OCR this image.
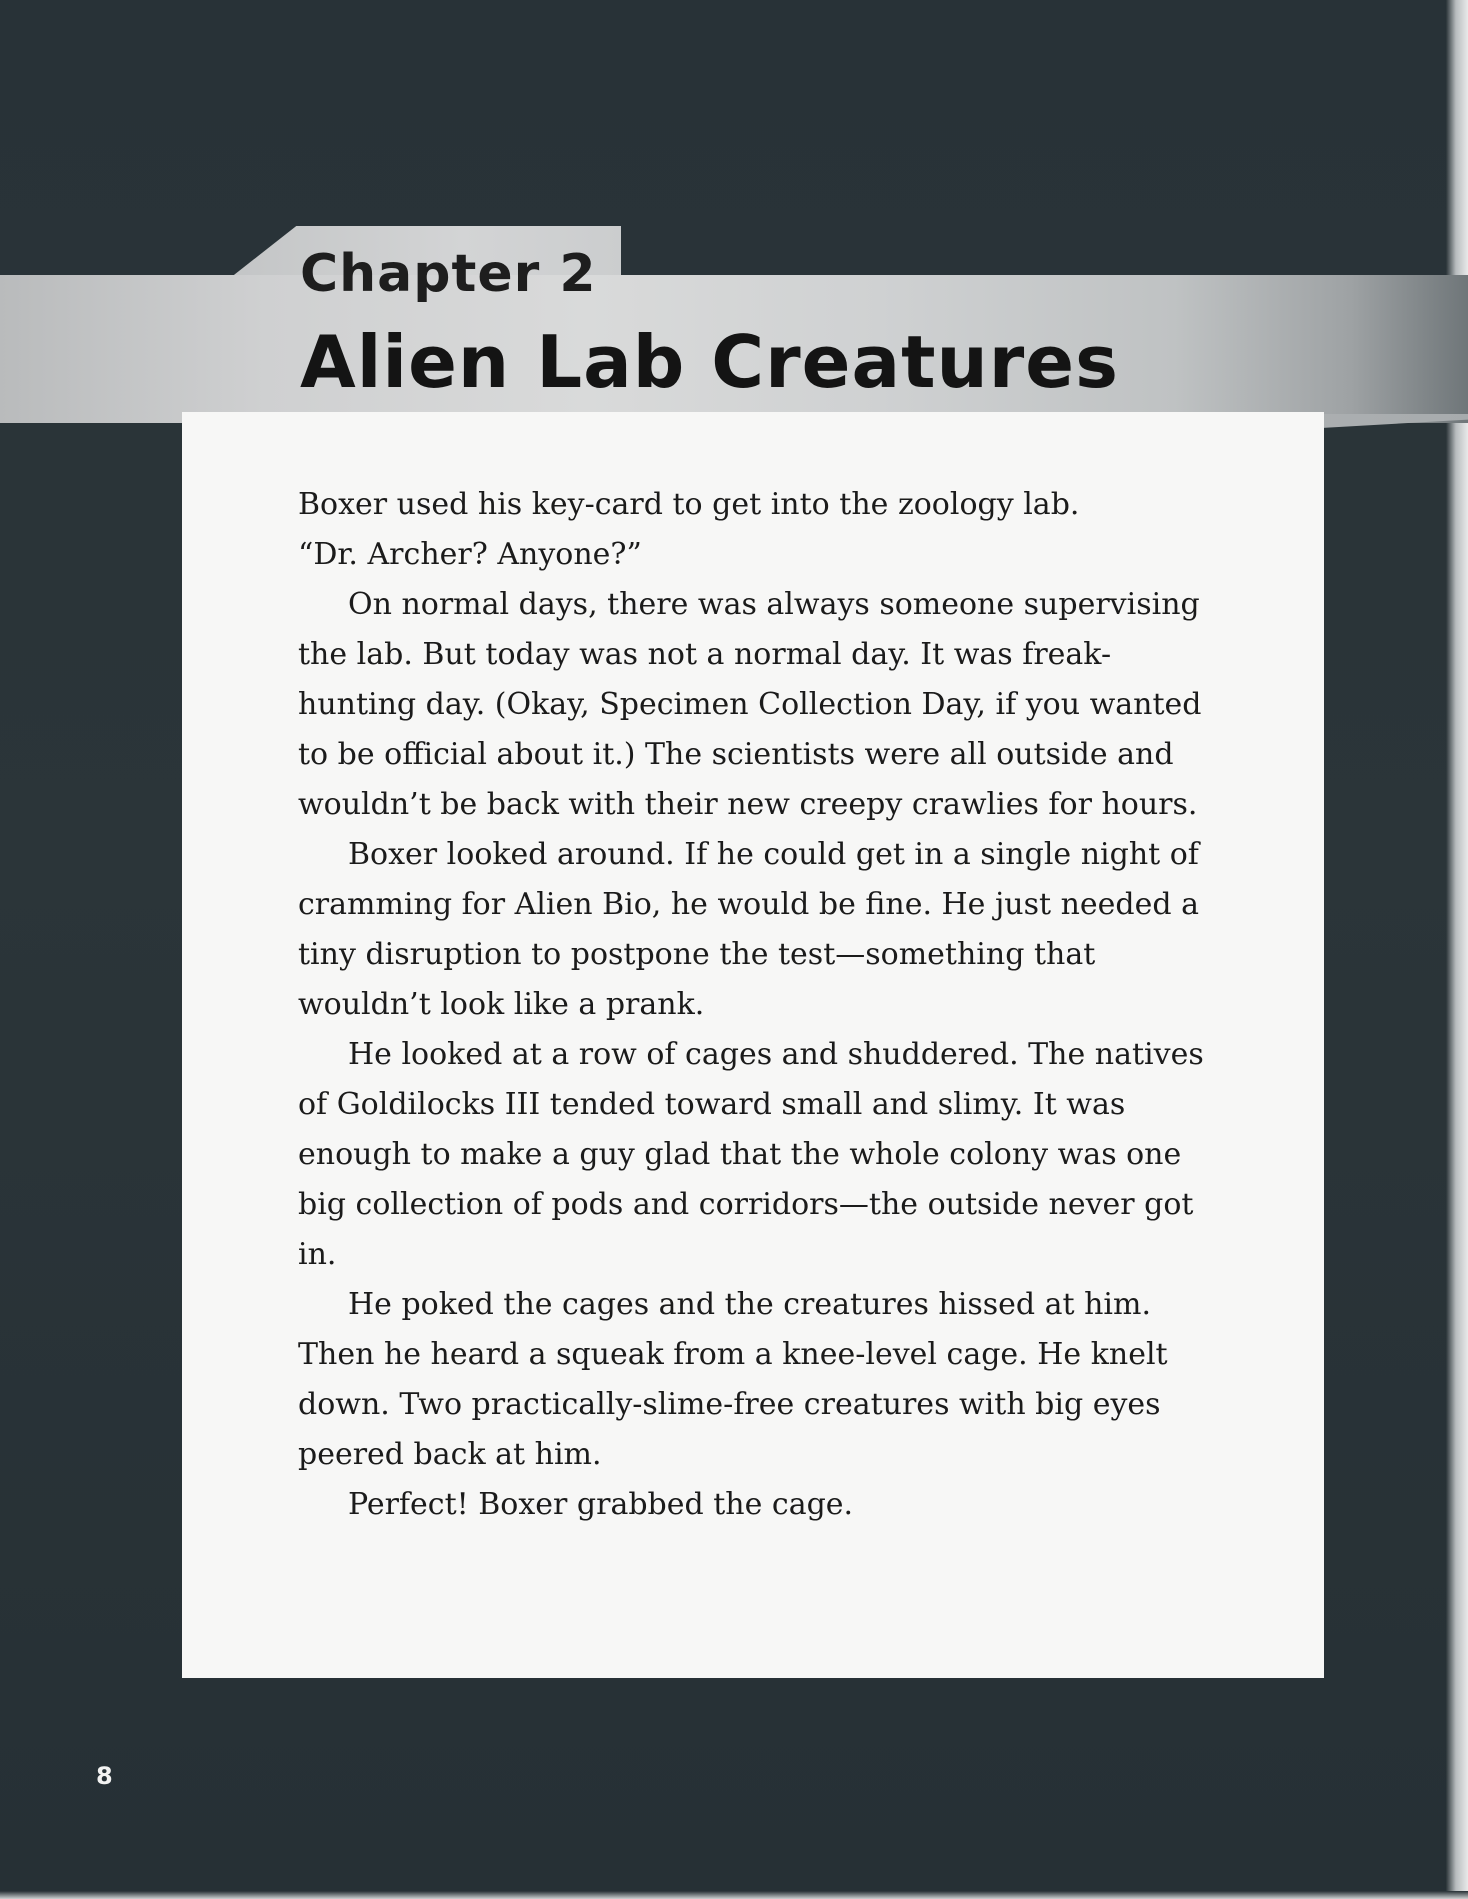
Chapter 2
Alien Lab Creatures

Boxer used his key-card to get into the zoology lab.

“Dr. Archer? Anyone?”

On normal days, there was always someone supervising the lab. But today was not a normal day. It was freak-hunting day. (Okay, Specimen Collection Day, if you wanted to be official about it.) The scientists were all outside and wouldn’t be back with their new creepy crawlies for hours.

Boxer looked around. If he could get in a single night of cramming for Alien Bio, he would be fine. He just needed a tiny disruption to postpone the test—something that wouldn’t look like a prank.

He looked at a row of cages and shuddered. The natives of Goldilocks III tended toward small and slimy. It was enough to make a guy glad that the whole colony was one big collection of pods and corridors—the outside never got in.

He poked the cages and the creatures hissed at him. Then he heard a squeak from a knee-level cage. He knelt down. Two practically-slime-free creatures with big eyes peered back at him.

Perfect! Boxer grabbed the cage.

8
